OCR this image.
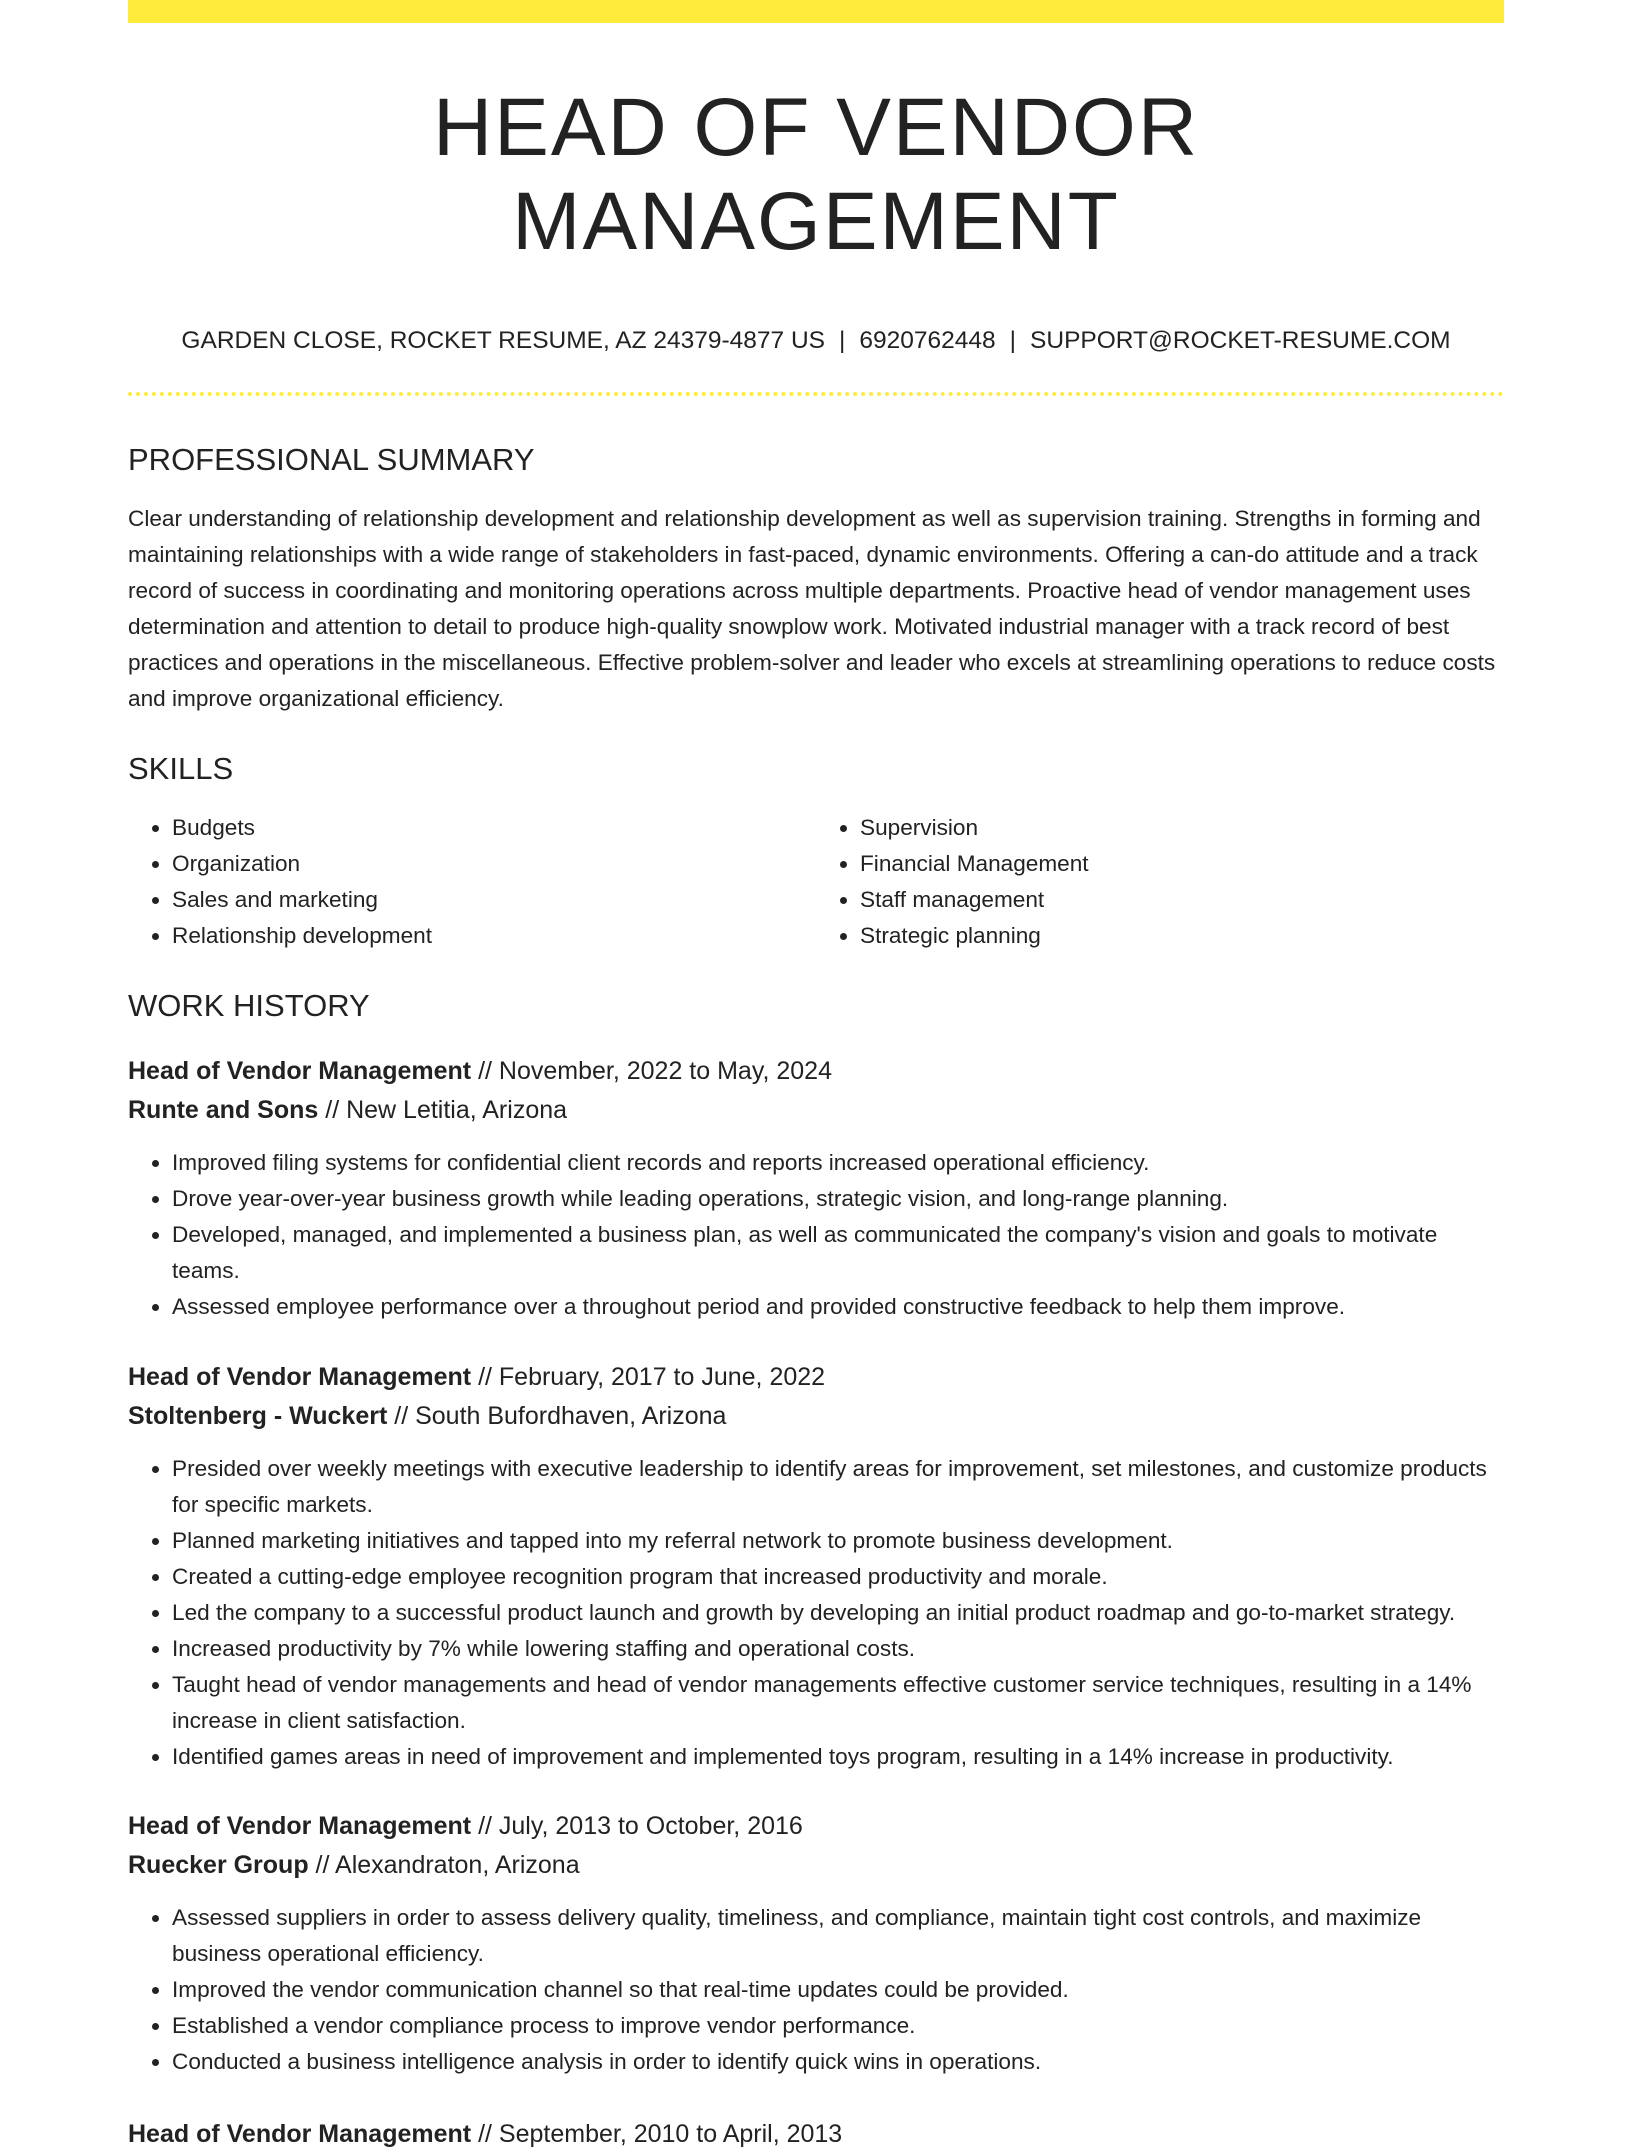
HEAD OF VENDOR MANAGEMENT
GARDEN CLOSE, ROCKET RESUME, AZ 24379-4877 US | 6920762448 | SUPPORT@ROCKET-RESUME.COM
PROFESSIONAL SUMMARY
Clear understanding of relationship development and relationship development as well as supervision training. Strengths in forming and maintaining relationships with a wide range of stakeholders in fast-paced, dynamic environments. Offering a can-do attitude and a track record of success in coordinating and monitoring operations across multiple departments. Proactive head of vendor management uses determination and attention to detail to produce high-quality snowplow work. Motivated industrial manager with a track record of best practices and operations in the miscellaneous. Effective problem-solver and leader who excels at streamlining operations to reduce costs and improve organizational efficiency.
SKILLS
• Budgets
• Organization
• Sales and marketing
• Relationship development
• Supervision
• Financial Management
• Staff management
• Strategic planning
WORK HISTORY
Head of Vendor Management // November, 2022 to May, 2024
Runte and Sons // New Letitia, Arizona
• Improved filing systems for confidential client records and reports increased operational efficiency.
• Drove year-over-year business growth while leading operations, strategic vision, and long-range planning.
• Developed, managed, and implemented a business plan, as well as communicated the company's vision and goals to motivate teams.
• Assessed employee performance over a throughout period and provided constructive feedback to help them improve.
Head of Vendor Management // February, 2017 to June, 2022
Stoltenberg - Wuckert // South Bufordhaven, Arizona
• Presided over weekly meetings with executive leadership to identify areas for improvement, set milestones, and customize products for specific markets.
• Planned marketing initiatives and tapped into my referral network to promote business development.
• Created a cutting-edge employee recognition program that increased productivity and morale.
• Led the company to a successful product launch and growth by developing an initial product roadmap and go-to-market strategy.
• Increased productivity by 7% while lowering staffing and operational costs.
• Taught head of vendor managements and head of vendor managements effective customer service techniques, resulting in a 14% increase in client satisfaction.
• Identified games areas in need of improvement and implemented toys program, resulting in a 14% increase in productivity.
Head of Vendor Management // July, 2013 to October, 2016
Ruecker Group // Alexandraton, Arizona
• Assessed suppliers in order to assess delivery quality, timeliness, and compliance, maintain tight cost controls, and maximize business operational efficiency.
• Improved the vendor communication channel so that real-time updates could be provided.
• Established a vendor compliance process to improve vendor performance.
• Conducted a business intelligence analysis in order to identify quick wins in operations.
Head of Vendor Management // September, 2010 to April, 2013
